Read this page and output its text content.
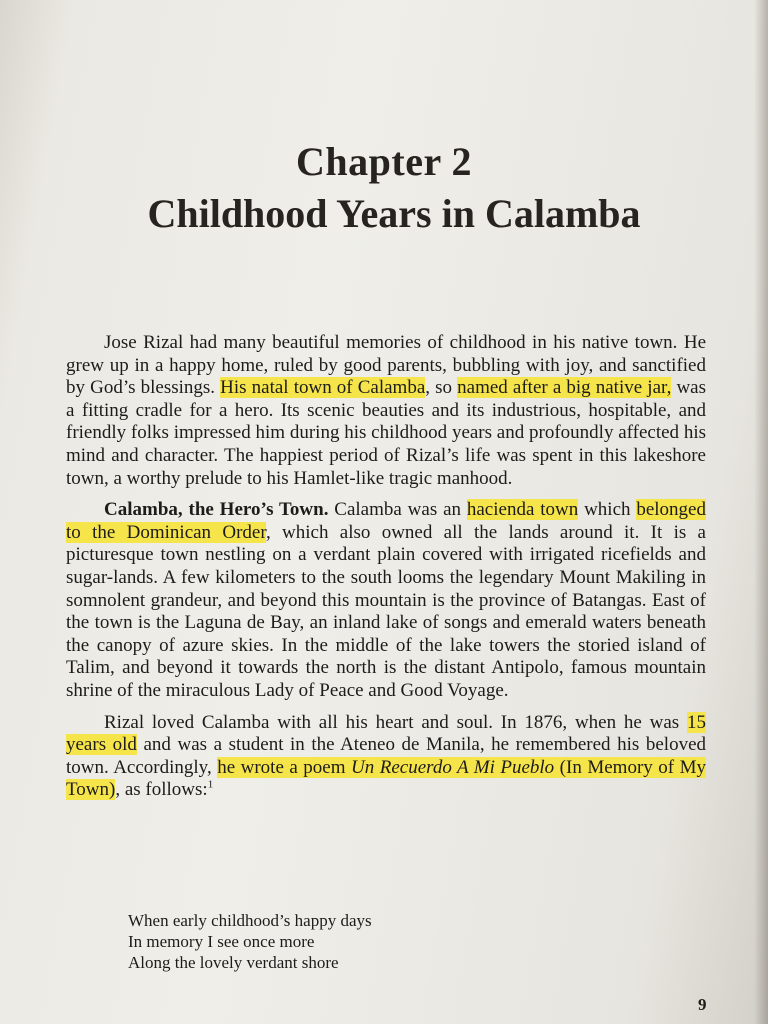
Chapter 2
Childhood Years in Calamba

Jose Rizal had many beautiful memories of childhood in his native town. He grew up in a happy home, ruled by good parents, bubbling with joy, and sanctified by God’s blessings. His natal town of Calamba, so named after a big native jar, was a fitting cradle for a hero. Its scenic beauties and its industrious, hospitable, and friendly folks impressed him during his childhood years and profoundly affected his mind and character. The happiest period of Rizal’s life was spent in this lakeshore town, a worthy prelude to his Hamlet-like tragic manhood.

Calamba, the Hero’s Town. Calamba was an hacienda town which belonged to the Dominican Order, which also owned all the lands around it. It is a picturesque town nestling on a verdant plain covered with irrigated ricefields and sugar-lands. A few kilometers to the south looms the legendary Mount Makiling in somnolent grandeur, and beyond this mountain is the province of Batangas. East of the town is the Laguna de Bay, an inland lake of songs and emerald waters beneath the canopy of azure skies. In the middle of the lake towers the storied island of Talim, and beyond it towards the north is the distant Antipolo, famous mountain shrine of the miraculous Lady of Peace and Good Voyage.

Rizal loved Calamba with all his heart and soul. In 1876, when he was 15 years old and was a student in the Ateneo de Manila, he remembered his beloved town. Accordingly, he wrote a poem Un Recuerdo A Mi Pueblo (In Memory of My Town), as follows:$^1$

When early childhood’s happy days
In memory I see once more
Along the lovely verdant shore
9
